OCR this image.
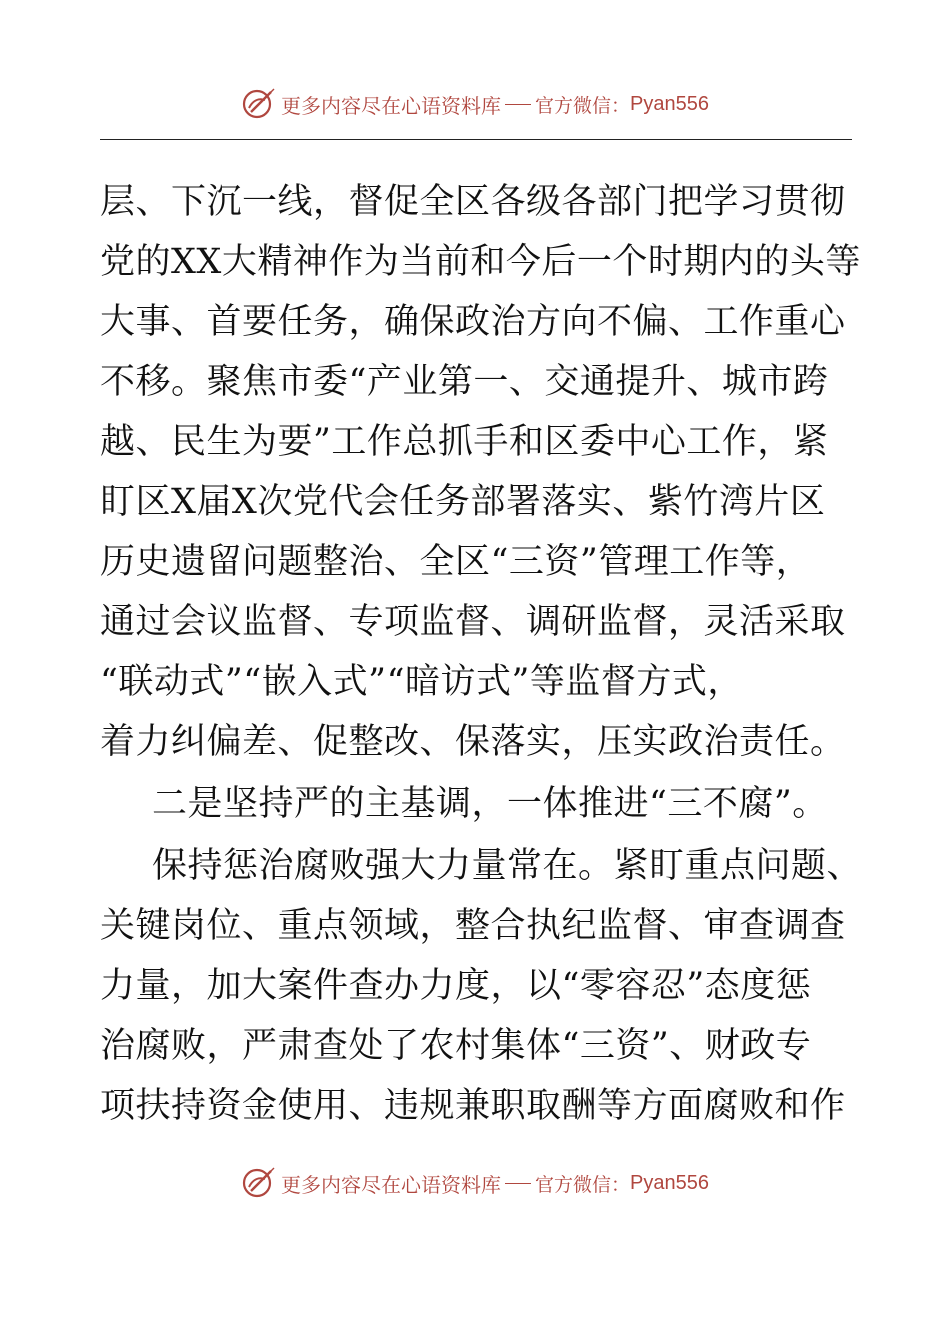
更多内容尽在心语资料库 官方微信： Pyan556
层、下沉一线，督促全区各级各部门把学习贯彻
党的XX大精神作为当前和今后一个时期内的头等
大事、首要任务，确保政治方向不偏、工作重心
不移。聚焦市委“产业第一、交通提升、城市跨
越、民生为要”工作总抓手和区委中心工作，紧
盯区X届X次党代会任务部署落实、紫竹湾片区
历史遗留问题整治、全区“三资”管理工作等，
通过会议监督、专项监督、调研监督，灵活采取
“联动式”“嵌入式”“暗访式”等监督方式，
着力纠偏差、促整改、保落实，压实政治责任。
二是坚持严的主基调，一体推进“三不腐”。
保持惩治腐败强大力量常在。紧盯重点问题、
关键岗位、重点领域，整合执纪监督、审查调查
力量，加大案件查办力度，以“零容忍”态度惩
治腐败，严肃查处了农村集体“三资”、财政专
项扶持资金使用、违规兼职取酬等方面腐败和作
更多内容尽在心语资料库 官方微信： Pyan556
